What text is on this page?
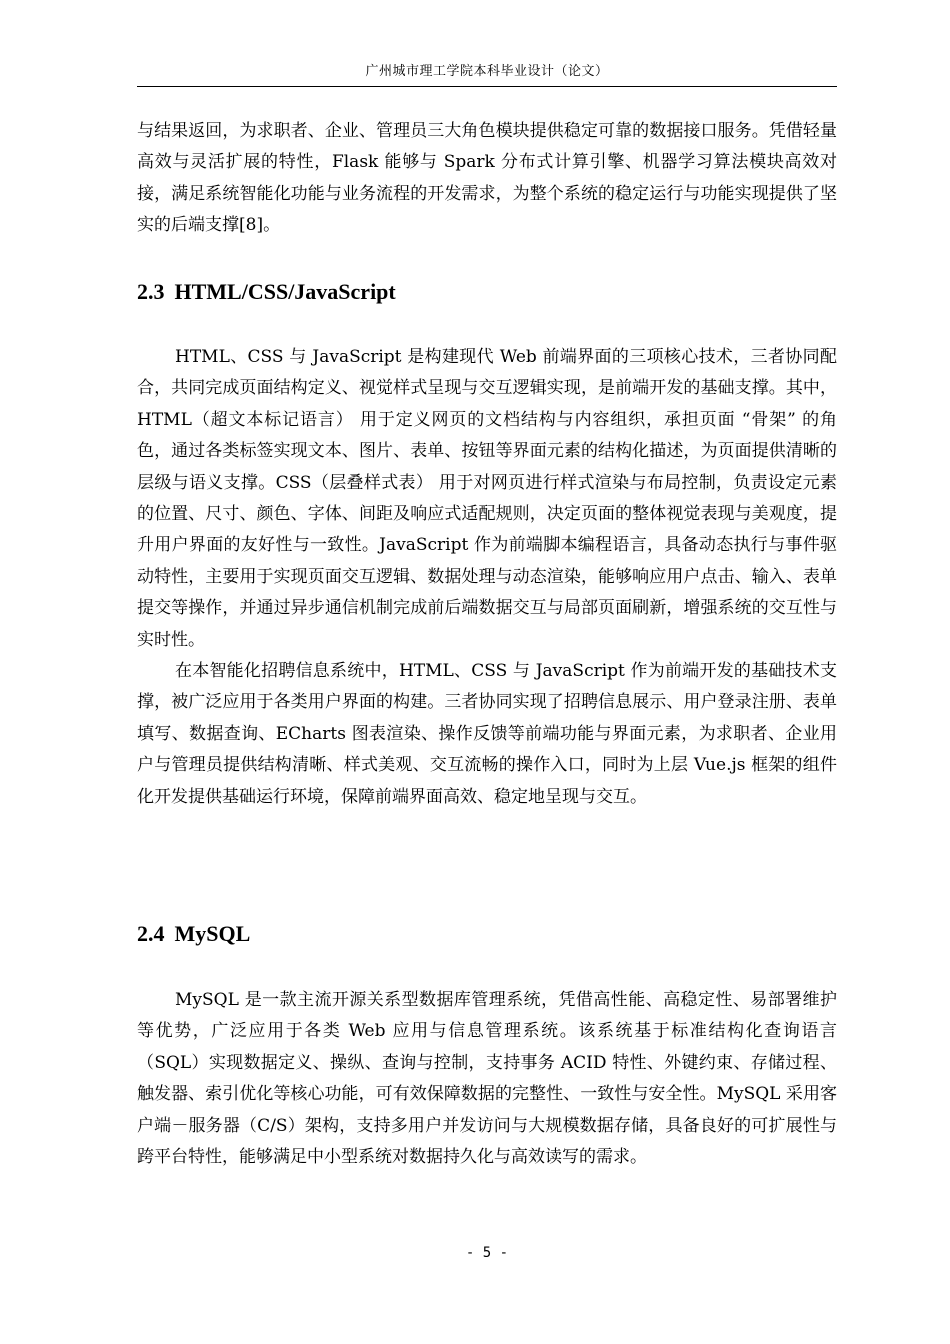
广州城市理工学院本科毕业设计（论文）

与结果返回，为求职者、企业、管理员三大角色模块提供稳定可靠的数据接口服务。凭借轻量高效与灵活扩展的特性，Flask 能够与 Spark 分布式计算引擎、机器学习算法模块高效对接，满足系统智能化功能与业务流程的开发需求，为整个系统的稳定运行与功能实现提供了坚实的后端支撑[8]。

2.3 HTML/CSS/JavaScript

HTML、CSS 与 JavaScript 是构建现代 Web 前端界面的三项核心技术，三者协同配合，共同完成页面结构定义、视觉样式呈现与交互逻辑实现，是前端开发的基础支撑。其中，HTML（超文本标记语言） 用于定义网页的文档结构与内容组织，承担页面 “骨架” 的角色，通过各类标签实现文本、图片、表单、按钮等界面元素的结构化描述，为页面提供清晰的层级与语义支撑。CSS（层叠样式表） 用于对网页进行样式渲染与布局控制，负责设定元素的位置、尺寸、颜色、字体、间距及响应式适配规则，决定页面的整体视觉表现与美观度，提升用户界面的友好性与一致性。JavaScript 作为前端脚本编程语言，具备动态执行与事件驱动特性，主要用于实现页面交互逻辑、数据处理与动态渲染，能够响应用户点击、输入、表单提交等操作，并通过异步通信机制完成前后端数据交互与局部页面刷新，增强系统的交互性与实时性。

在本智能化招聘信息系统中，HTML、CSS 与 JavaScript 作为前端开发的基础技术支撑，被广泛应用于各类用户界面的构建。三者协同实现了招聘信息展示、用户登录注册、表单填写、数据查询、ECharts 图表渲染、操作反馈等前端功能与界面元素，为求职者、企业用户与管理员提供结构清晰、样式美观、交互流畅的操作入口，同时为上层 Vue.js 框架的组件化开发提供基础运行环境，保障前端界面高效、稳定地呈现与交互。

2.4 MySQL

MySQL 是一款主流开源关系型数据库管理系统，凭借高性能、高稳定性、易部署维护等优势，广泛应用于各类 Web 应用与信息管理系统。该系统基于标准结构化查询语言（SQL）实现数据定义、操纵、查询与控制，支持事务 ACID 特性、外键约束、存储过程、触发器、索引优化等核心功能，可有效保障数据的完整性、一致性与安全性。MySQL 采用客户端－服务器（C/S）架构，支持多用户并发访问与大规模数据存储，具备良好的可扩展性与跨平台特性，能够满足中小型系统对数据持久化与高效读写的需求。

- 5 -
